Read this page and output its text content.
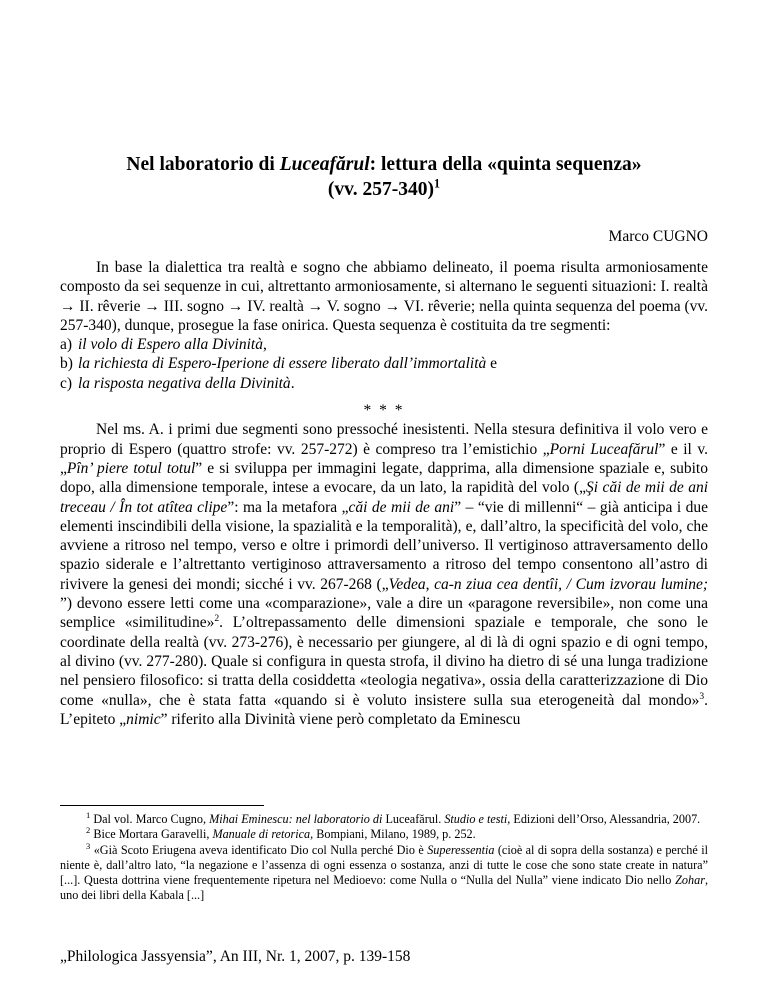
Nel laboratorio di Luceafărul: lettura della «quinta sequenza»
(vv. 257-340)$^1$
Marco CUGNO

In base la dialettica tra realtà e sogno che abbiamo delineato, il poema risulta armoniosamente composto da sei sequenze in cui, altrettanto armoniosamente, si alternano le seguenti situazioni: I. realtà → II. rêverie → III. sogno → IV. realtà → V. sogno → VI. rêverie; nella quinta sequenza del poema (vv. 257-340), dunque, prosegue la fase onirica. Questa sequenza è costituita da tre segmenti:

a) il volo di Espero alla Divinità,
b) la richiesta di Espero-Iperione di essere liberato dall’immortalità e
c) la risposta negativa della Divinità.
* * *

Nel ms. A. i primi due segmenti sono pressoché inesistenti. Nella stesura definitiva il volo vero e proprio di Espero (quattro strofe: vv. 257-272) è compreso tra l’emistichio „Porni Luceafărul” e il v. „Pîn’ piere totul totul” e si sviluppa per immagini legate, dapprima, alla dimensione spaziale e, subito dopo, alla dimensione temporale, intese a evocare, da un lato, la rapidità del volo („Şi căi de mii de ani treceau / În tot atîtea clipe”: ma la metafora „căi de mii de ani” – “vie di millenni“ – già anticipa i due elementi inscindibili della visione, la spazialità e la temporalità), e, dall’altro, la specificità del volo, che avviene a ritroso nel tempo, verso e oltre i primordi dell’universo. Il vertiginoso attraversamento dello spazio siderale e l’altrettanto vertiginoso attraversamento a ritroso del tempo consentono all’astro di rivivere la genesi dei mondi; sicché i vv. 267-268 („Vedea, ca-n ziua cea dentîi, / Cum izvorau lumine; ”) devono essere letti come una «comparazione», vale a dire un «paragone reversibile», non come una semplice «similitudine»$^2$. L’oltrepassamento delle dimensioni spaziale e temporale, che sono le coordinate della realtà (vv. 273-276), è necessario per giungere, al di là di ogni spazio e di ogni tempo, al divino (vv. 277-280). Quale si configura in questa strofa, il divino ha dietro di sé una lunga tradizione nel pensiero filosofico: si tratta della cosiddetta «teologia negativa», ossia della caratterizzazione di Dio come «nulla», che è stata fatta «quando si è voluto insistere sulla sua eterogeneità dal mondo»$^3$. L’epiteto „nimic” riferito alla Divinità viene però completato da Eminescu

$^1$ Dal vol. Marco Cugno, Mihai Eminescu: nel laboratorio di Luceafărul. Studio e testi, Edizioni dell’Orso, Alessandria, 2007.

$^2$ Bice Mortara Garavelli, Manuale di retorica, Bompiani, Milano, 1989, p. 252.

$^3$ «Già Scoto Eriugena aveva identificato Dio col Nulla perché Dio è Superessentia (cioè al di sopra della sostanza) e perché il niente è, dall’altro lato, “la negazione e l’assenza di ogni essenza o sostanza, anzi di tutte le cose che sono state create in natura” [...]. Questa dottrina viene frequentemente ripetura nel Medioevo: come Nulla o “Nulla del Nulla” viene indicato Dio nello Zohar, uno dei libri della Kabala [...]

„Philologica Jassyensia”, An III, Nr. 1, 2007, p. 139-158
